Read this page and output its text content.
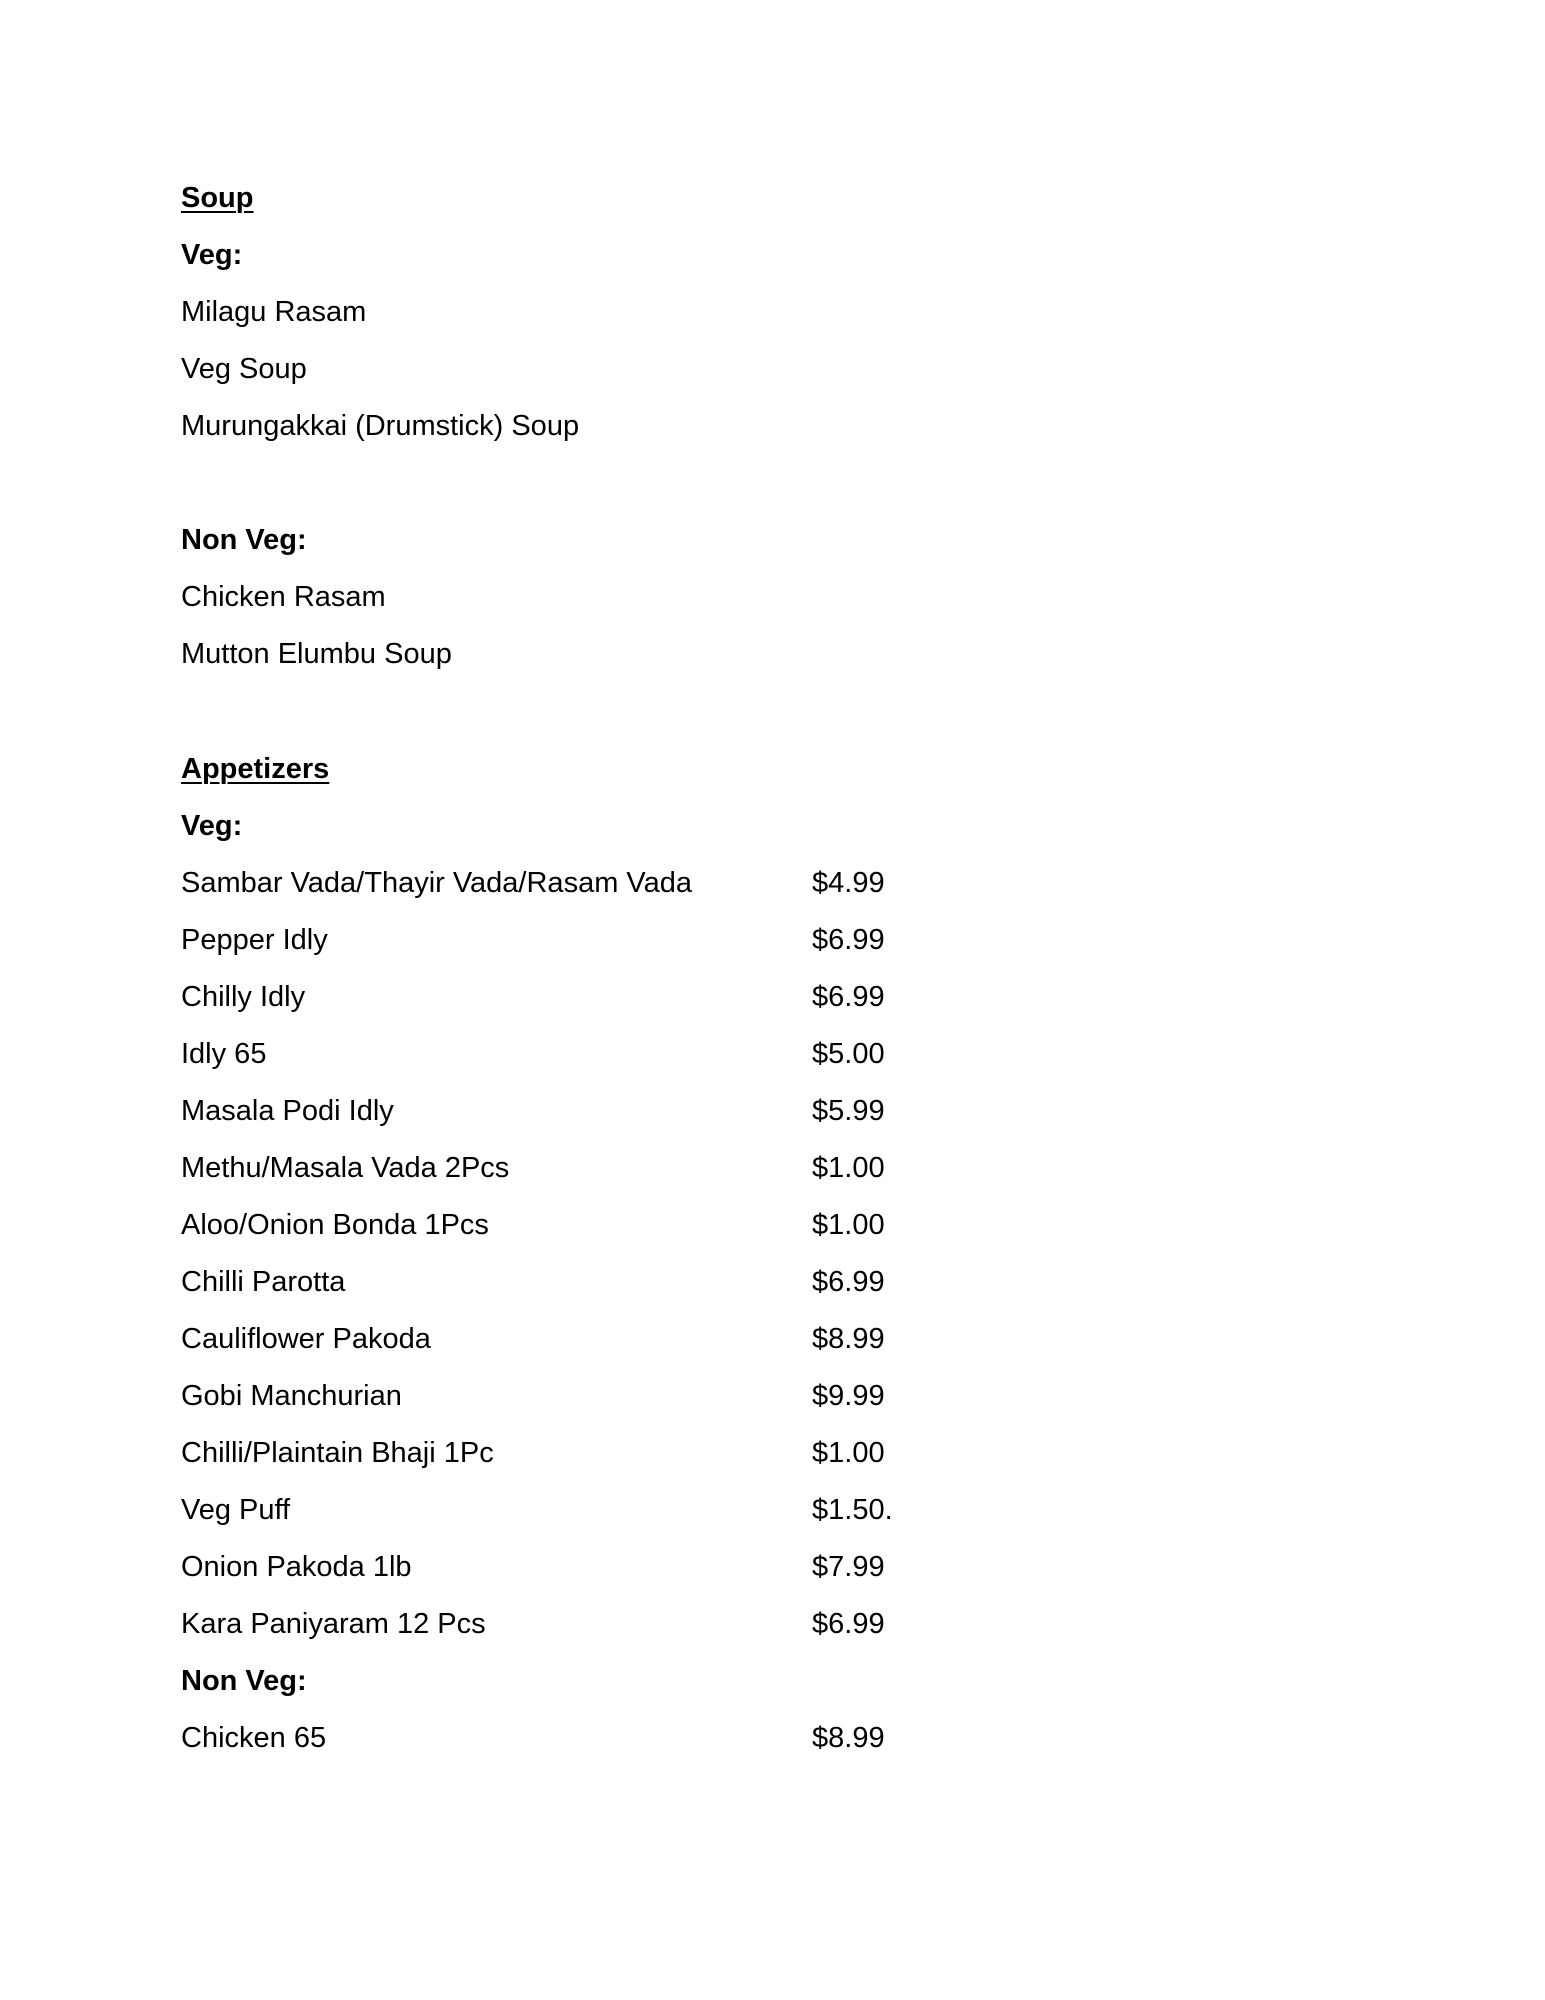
Soup
Veg:
Milagu Rasam
Veg Soup
Murungakkai (Drumstick) Soup
Non Veg:
Chicken Rasam
Mutton Elumbu Soup
Appetizers
Veg:
Sambar Vada/Thayir Vada/Rasam Vada	$4.99
Pepper Idly	$6.99
Chilly Idly	$6.99
Idly 65	$5.00
Masala Podi Idly	$5.99
Methu/Masala Vada 2Pcs	$1.00
Aloo/Onion Bonda 1Pcs	$1.00
Chilli Parotta	$6.99
Cauliflower Pakoda	$8.99
Gobi Manchurian	$9.99
Chilli/Plaintain Bhaji 1Pc	$1.00
Veg Puff	$1.50.
Onion Pakoda 1lb	$7.99
Kara Paniyaram 12 Pcs	$6.99
Non Veg:
Chicken 65	$8.99
